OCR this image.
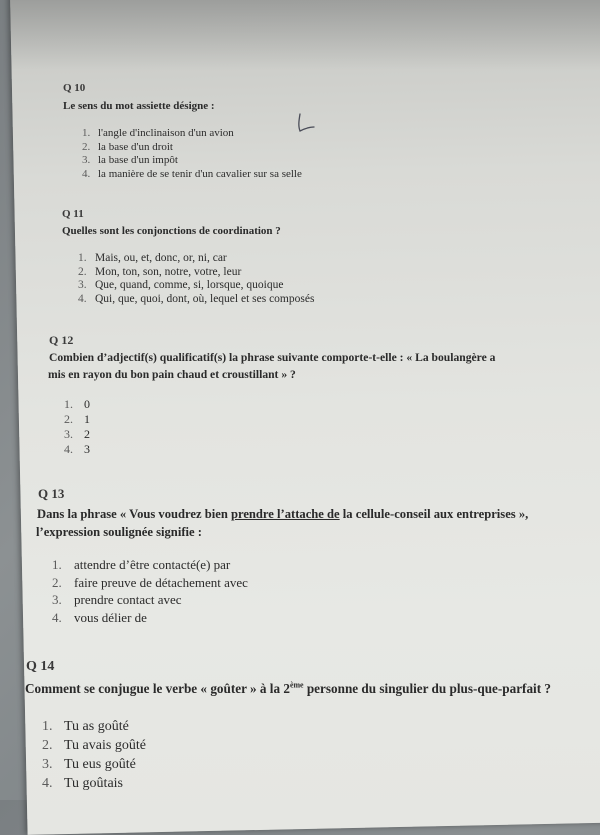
Q 10
Le sens du mot assiette désigne :
1. l'angle d'inclinaison d'un avion
2. la base d'un droit
3. la base d'un impôt
4. la manière de se tenir d'un cavalier sur sa selle
Q 11
Quelles sont les conjonctions de coordination ?
1. Mais, ou, et, donc, or, ni, car
2. Mon, ton, son, notre, votre, leur
3. Que, quand, comme, si, lorsque, quoique
4. Qui, que, quoi, dont, où, lequel et ses composés
Q 12
Combien d’adjectif(s) qualificatif(s) la phrase suivante comporte-t-elle : « La boulangère a
mis en rayon du bon pain chaud et croustillant » ?
1. 0
2. 1
3. 2
4. 3
Q 13
Dans la phrase « Vous voudrez bien prendre l’attache de la cellule-conseil aux entreprises »,
l’expression soulignée signifie :
1. attendre d’être contacté(e) par
2. faire preuve de détachement avec
3. prendre contact avec
4. vous délier de
Q 14
Comment se conjugue le verbe « goûter » à la 2ème personne du singulier du plus-que-parfait ?
1. Tu as goûté
2. Tu avais goûté
3. Tu eus goûté
4. Tu goûtais
